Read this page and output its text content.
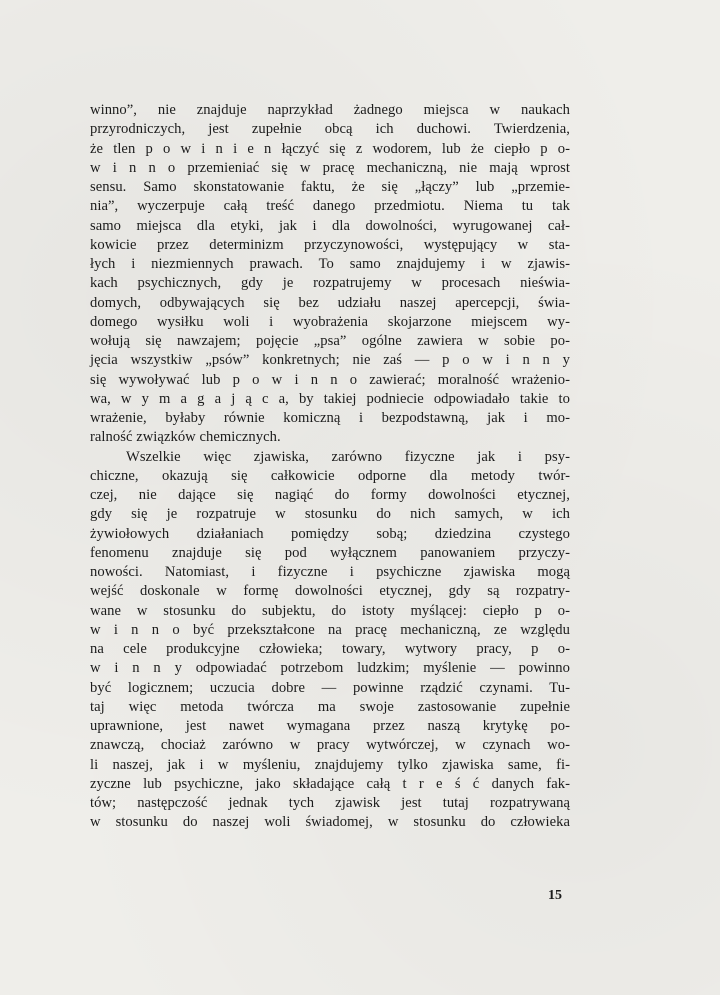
winno”, nie znajduje naprzykład żadnego miejsca w naukach
przyrodniczych, jest zupełnie obcą ich duchowi. Twierdzenia,
że tlen p o w i n i e n łączyć się z wodorem, lub że ciepło p o-
w i n n o przemieniać się w pracę mechaniczną, nie mają wprost
sensu. Samo skonstatowanie faktu, że się „łączy” lub „przemie-
nia”, wyczerpuje całą treść danego przedmiotu. Niema tu tak
samo miejsca dla etyki, jak i dla dowolności, wyrugowanej cał-
kowicie przez determinizm przyczynowości, występujący w sta-
łych i niezmiennych prawach. To samo znajdujemy i w zjawis-
kach psychicznych, gdy je rozpatrujemy w procesach nieświa-
domych, odbywających się bez udziału naszej apercepcji, świa-
domego wysiłku woli i wyobrażenia skojarzone miejscem wy-
wołują się nawzajem; pojęcie „psa” ogólne zawiera w sobie po-
jęcia wszystkiw „psów” konkretnych; nie zaś — p o w i n n y
się wywoływać lub p o w i n n o zawierać; moralność wrażenio-
wa, w y m a g a j ą c a, by takiej podniecie odpowiadało takie to
wrażenie, byłaby równie komiczną i bezpodstawną, jak i mo-
ralność związków chemicznych.
Wszelkie więc zjawiska, zarówno fizyczne jak i psy-
chiczne, okazują się całkowicie odporne dla metody twór-
czej, nie dające się nagiąć do formy dowolności etycznej,
gdy się je rozpatruje w stosunku do nich samych, w ich
żywiołowych działaniach pomiędzy sobą; dziedzina czystego
fenomenu znajduje się pod wyłącznem panowaniem przyczy-
nowości. Natomiast, i fizyczne i psychiczne zjawiska mogą
wejść doskonale w formę dowolności etycznej, gdy są rozpatry-
wane w stosunku do subjektu, do istoty myślącej: ciepło p o-
w i n n o być przekształcone na pracę mechaniczną, ze względu
na cele produkcyjne człowieka; towary, wytwory pracy, p o-
w i n n y odpowiadać potrzebom ludzkim; myślenie — powinno
być logicznem; uczucia dobre — powinne rządzić czynami. Tu-
taj więc metoda twórcza ma swoje zastosowanie zupełnie
uprawnione, jest nawet wymagana przez naszą krytykę po-
znawczą, chociaż zarówno w pracy wytwórczej, w czynach wo-
li naszej, jak i w myśleniu, znajdujemy tylko zjawiska same, fi-
zyczne lub psychiczne, jako składające całą t r e ś ć danych fak-
tów; następczość jednak tych zjawisk jest tutaj rozpatrywaną
w stosunku do naszej woli świadomej, w stosunku do człowieka
15
